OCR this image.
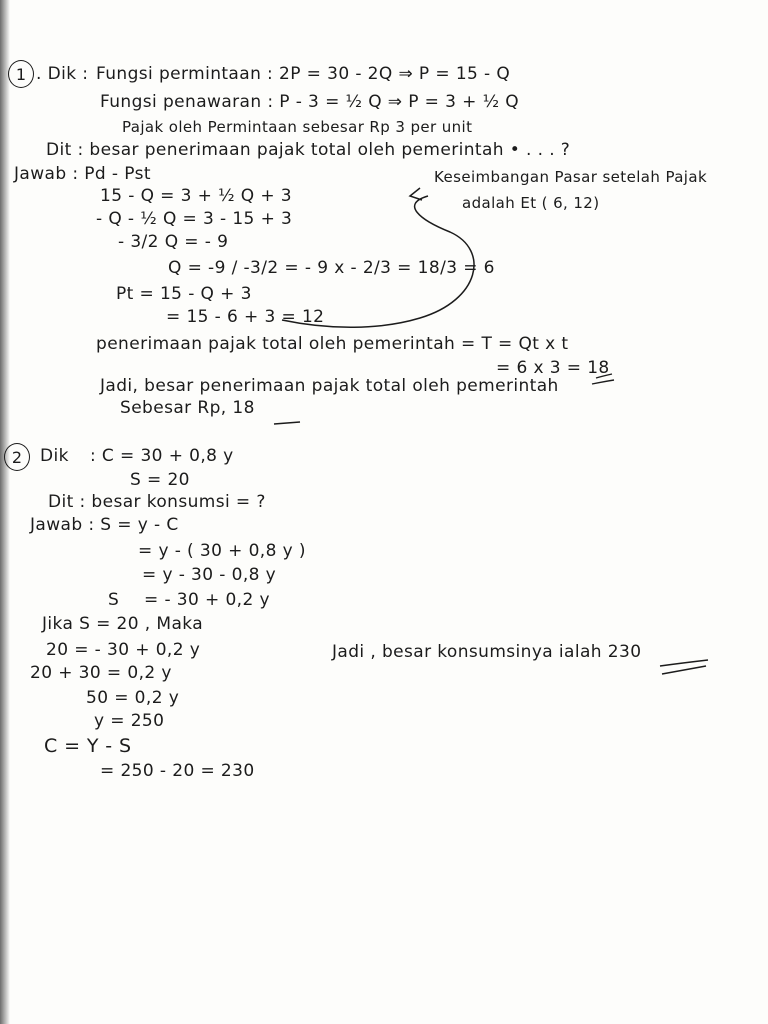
1 . Dik : Fungsi permintaan : 2P = 30 - 2Q ⇒ P = 15 - Q
Fungsi penawaran : P - 3 = ½ Q ⇒ P = 3 + ½ Q
Pajak oleh Permintaan sebesar Rp 3 per unit
Dit : besar penerimaan pajak total oleh pemerintah • . . . ?
Jawab : Pd - Pst	Keseimbangan Pasar setelah Pajak
adalah Et ( 6, 12)
15 - Q = 3 + ½ Q + 3
- Q - ½ Q = 3 - 15 + 3
- 3/2 Q = - 9
Q = -9 / -3/2 = - 9 x - 2/3 = 18/3 = 6
Pt = 15 - Q + 3
= 15 - 6 + 3 = 12
penerimaan pajak total oleh pemerintah = T = Qt x t
= 6 x 3 = 18
Jadi, besar penerimaan pajak total oleh pemerintah
Sebesar Rp, 18
2 Dik : C = 30 + 0,8 y
S = 20
Dit : besar konsumsi = ?
Jawab : S = y - C
= y - ( 30 + 0,8 y )
= y - 30 - 0,8 y
S = - 30 + 0,2 y
Jika S = 20 , Maka
20 = - 30 + 0,2 y	Jadi , besar konsumsinya ialah 230
20 + 30 = 0,2 y
50 = 0,2 y
y = 250
C = Y - S
= 250 - 20 = 230
